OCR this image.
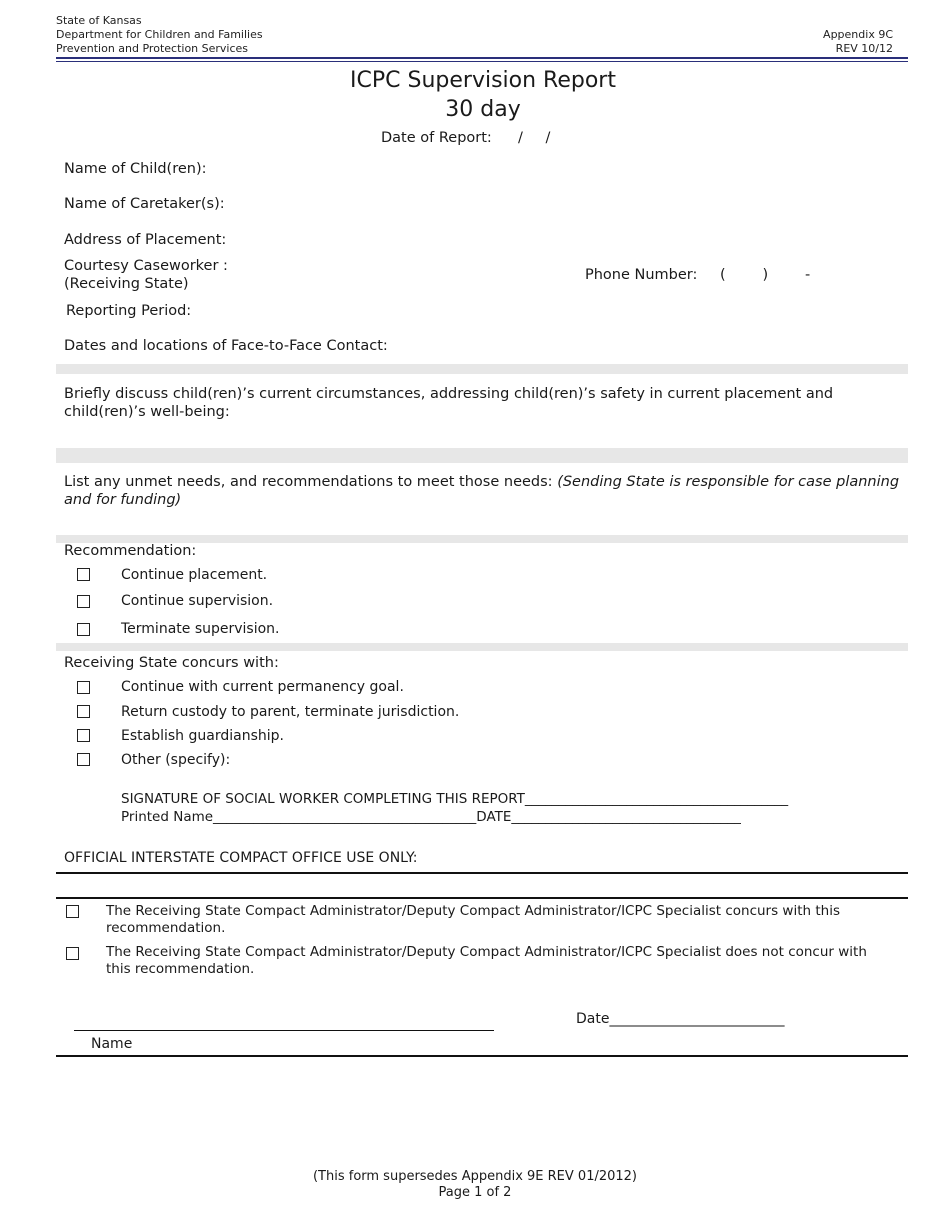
State of Kansas
Department for Children and Families
Prevention and Protection Services
Appendix 9C
REV 10/12
ICPC Supervision Report
30 day
Date of Report: / /
Name of Child(ren):
Name of Caretaker(s):
Address of Placement:
Courtesy Caseworker :
(Receiving State)
Phone Number: (        )        -
Reporting Period:
Dates and locations of Face-to-Face Contact:
Briefly discuss child(ren)’s current circumstances, addressing child(ren)’s safety in current placement and
child(ren)’s well-being:
List any unmet needs, and recommendations to meet those needs: (Sending State is responsible for case planning
and for funding)
Recommendation:
Continue placement.
Continue supervision.
Terminate supervision.
Receiving State concurs with:
Continue with current permanency goal.
Return custody to parent, terminate jurisdiction.
Establish guardianship.
Other (specify):
SIGNATURE OF SOCIAL WORKER COMPLETING THIS REPORT_______________________________________
Printed Name_______________________________________DATE__________________________________
OFFICIAL INTERSTATE COMPACT OFFICE USE ONLY:
The Receiving State Compact Administrator/Deputy Compact Administrator/ICPC Specialist concurs with this
recommendation.
The Receiving State Compact Administrator/Deputy Compact Administrator/ICPC Specialist does not concur with
this recommendation.
Date_________________________
Name
(This form supersedes Appendix 9E REV 01/2012)
Page 1 of 2
